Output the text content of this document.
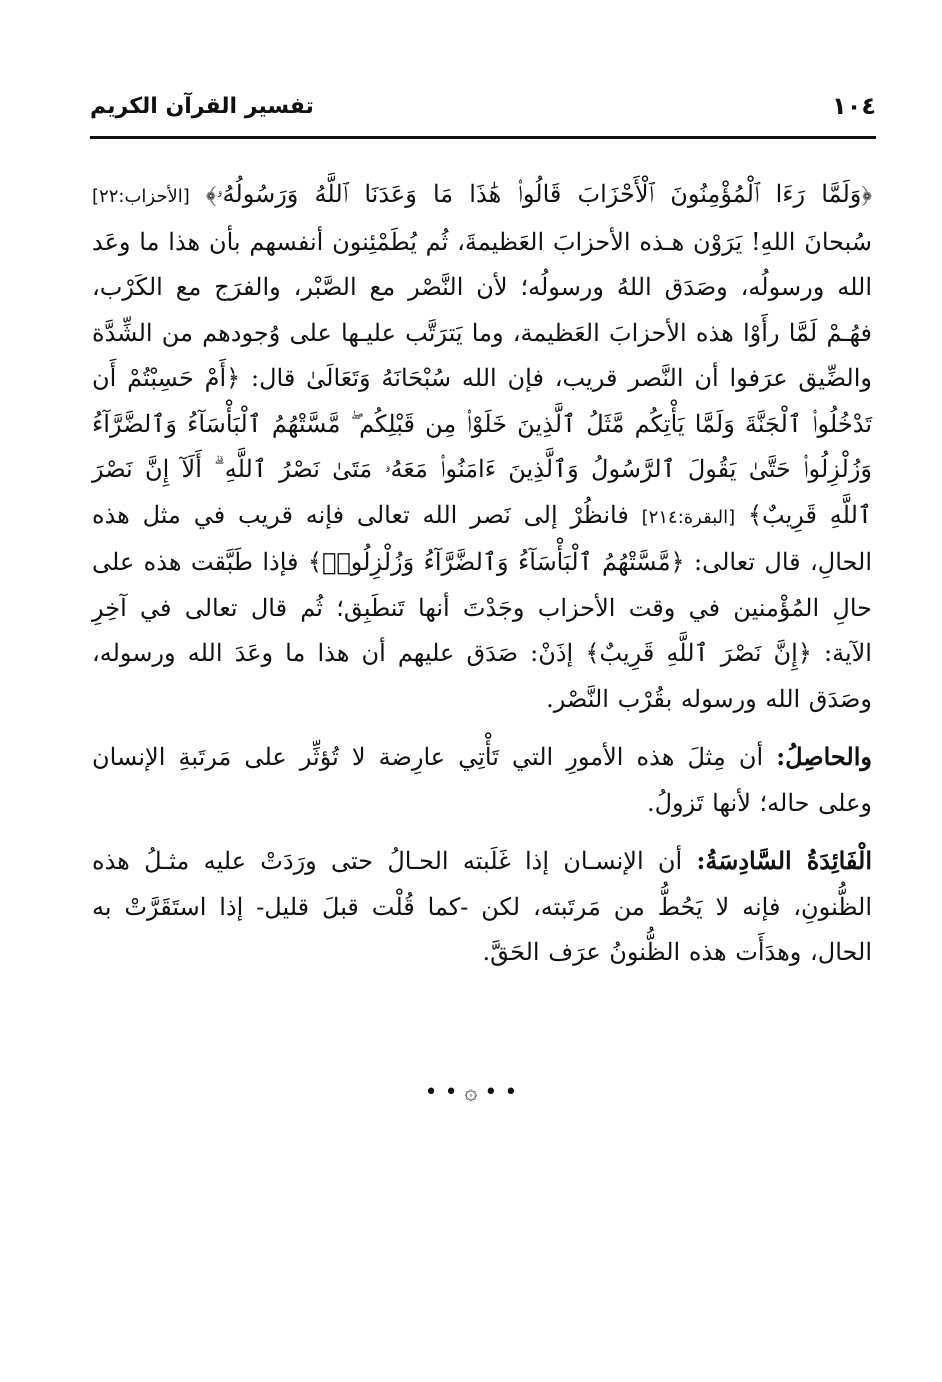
١٠٤
تفسير القرآن الكريم

﴿وَلَمَّا رَءَا ٱلْمُؤْمِنُونَ ٱلْأَحْزَابَ قَالُوا۟ هَٰذَا مَا وَعَدَنَا ٱللَّهُ وَرَسُولُهُۥ﴾ [الأحزاب:٢٢] سُبحانَ اللهِ! يَرَوْن هـذه الأحزابَ العَظيمةَ، ثُم يُطَمْئِنون أنفسهم بأن هذا ما وعَد الله ورسولُه، وصَدَق اللهُ ورسولُه؛ لأن النَّصْر مع الصَّبْر، والفرَج مع الكَرْب، فهُـمْ لَمَّا رأَوْا هذه الأحزابَ العَظيمة، وما يَترَتَّب عليـها على وُجودهم من الشِّدَّة والضِّيق عرَفوا أن النَّصر قريب، فإن الله سُبْحَانَهُ وَتَعَالَىٰ قال: ﴿أَمْ حَسِبْتُمْ أَن تَدْخُلُوا۟ ٱلْجَنَّةَ وَلَمَّا يَأْتِكُم مَّثَلُ ٱلَّذِينَ خَلَوْا۟ مِن قَبْلِكُم ۖ مَّسَّتْهُمُ ٱلْبَأْسَآءُ وَٱلضَّرَّآءُ وَزُلْزِلُوا۟ حَتَّىٰ يَقُولَ ٱلرَّسُولُ وَٱلَّذِينَ ءَامَنُوا۟ مَعَهُۥ مَتَىٰ نَصْرُ ٱللَّهِ ۗ أَلَآ إِنَّ نَصْرَ ٱللَّهِ قَرِيبٌ﴾ [البقرة:٢١٤] فانظُرْ إلى نَصر الله تعالى فإنه قريب في مثل هذه الحالِ، قال تعالى: ﴿مَّسَّتْهُمُ ٱلْبَأْسَآءُ وَٱلضَّرَّآءُ وَزُلْزِلُوا۟﴾ فإذا طَبَّقت هذه على حالِ المُؤْمنين في وقت الأحزاب وجَدْتَ أنها تَنطَبِق؛ ثُم قال تعالى في آخِرِ الآية: ﴿إِنَّ نَصْرَ ٱللَّهِ قَرِيبٌ﴾ إذَنْ: صَدَق عليهم أن هذا ما وعَدَ الله ورسوله، وصَدَق الله ورسوله بقُرْب النَّصْر.

والحاصِلُ: أن مِثلَ هذه الأمورِ التي تَأْتِي عارِضة لا تُؤثِّر على مَرتَبةِ الإنسان وعلى حاله؛ لأنها تَزولُ.

الْفَائِدَةُ السَّادِسَةُ: أن الإنسـان إذا غَلَبته الحـالُ حتى ورَدَتْ عليه مثـلُ هذه الظُّنونِ، فإنه لا يَحُطُّ من مَرتَبته، لكن -كما قُلْت قبلَ قليل- إذا استَقَرَّتْ به الحال، وهدَأَت هذه الظُّنونُ عرَف الحَقَّ.

• • ۞ • •
